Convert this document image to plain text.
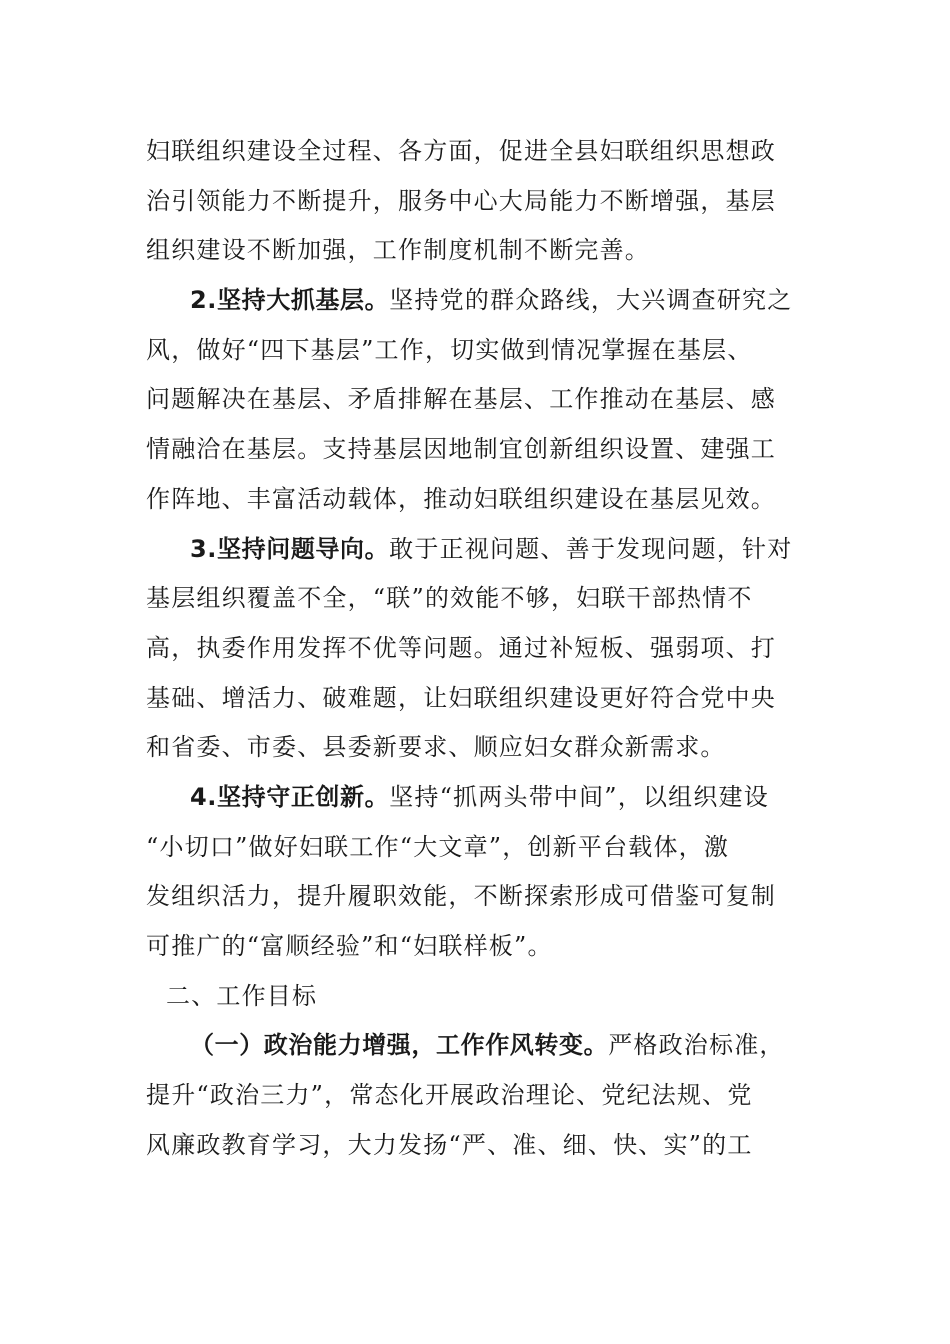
妇联组织建设全过程、各方面，促进全县妇联组织思想政
治引领能力不断提升，服务中心大局能力不断增强，基层
组织建设不断加强，工作制度机制不断完善。
2.坚持大抓基层。坚持党的群众路线，大兴调查研究之
风，做好“四下基层”工作，切实做到情况掌握在基层、
问题解决在基层、矛盾排解在基层、工作推动在基层、感
情融洽在基层。支持基层因地制宜创新组织设置、建强工
作阵地、丰富活动载体，推动妇联组织建设在基层见效。
3.坚持问题导向。敢于正视问题、善于发现问题，针对
基层组织覆盖不全，“联”的效能不够，妇联干部热情不
高，执委作用发挥不优等问题。通过补短板、强弱项、打
基础、增活力、破难题，让妇联组织建设更好符合党中央
和省委、市委、县委新要求、顺应妇女群众新需求。
4.坚持守正创新。坚持“抓两头带中间”，以组织建设
“小切口”做好妇联工作“大文章”，创新平台载体，激
发组织活力，提升履职效能，不断探索形成可借鉴可复制
可推广的“富顺经验”和“妇联样板”。
二、工作目标
（一）政治能力增强，工作作风转变。严格政治标准，
提升“政治三力”，常态化开展政治理论、党纪法规、党
风廉政教育学习，大力发扬“严、准、细、快、实”的工
